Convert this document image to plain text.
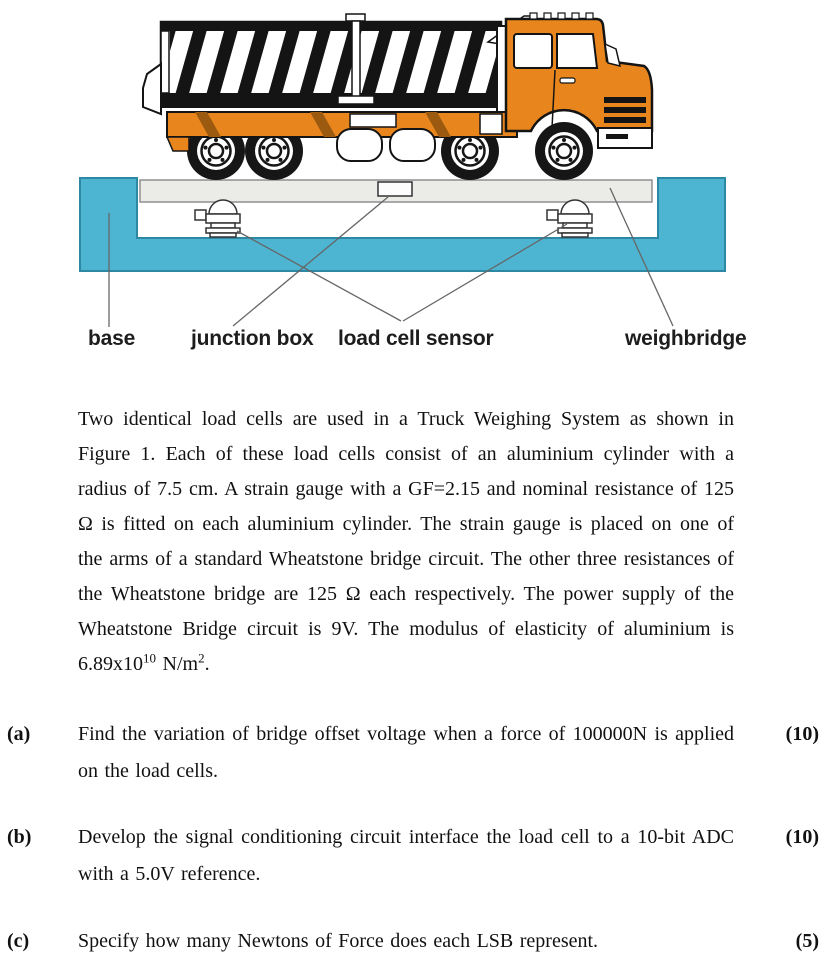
base	junction box load cell sensor	weighbridge

Two identical load cells are used in a Truck Weighing System as shown in Figure 1. Each of these load cells consist of an aluminium cylinder with a radius of 7.5 cm. A strain gauge with a GF=2.15 and nominal resistance of 125 Ω is fitted on each aluminium cylinder. The strain gauge is placed on one of the arms of a standard Wheatstone bridge circuit. The other three resistances of the Wheatstone bridge are 125 Ω each respectively. The power supply of the Wheatstone Bridge circuit is 9V. The modulus of elasticity of aluminium is $6.89x10^{10}$ $N/m^2$.

(a) Find the variation of bridge offset voltage when a force of 100000N is applied on the load cells.
(10)
(b) Develop the signal conditioning circuit interface the load cell to a 10-bit ADC with a 5.0V reference.
(10)
(c) Specify how many Newtons of Force does each LSB represent.	(5)
